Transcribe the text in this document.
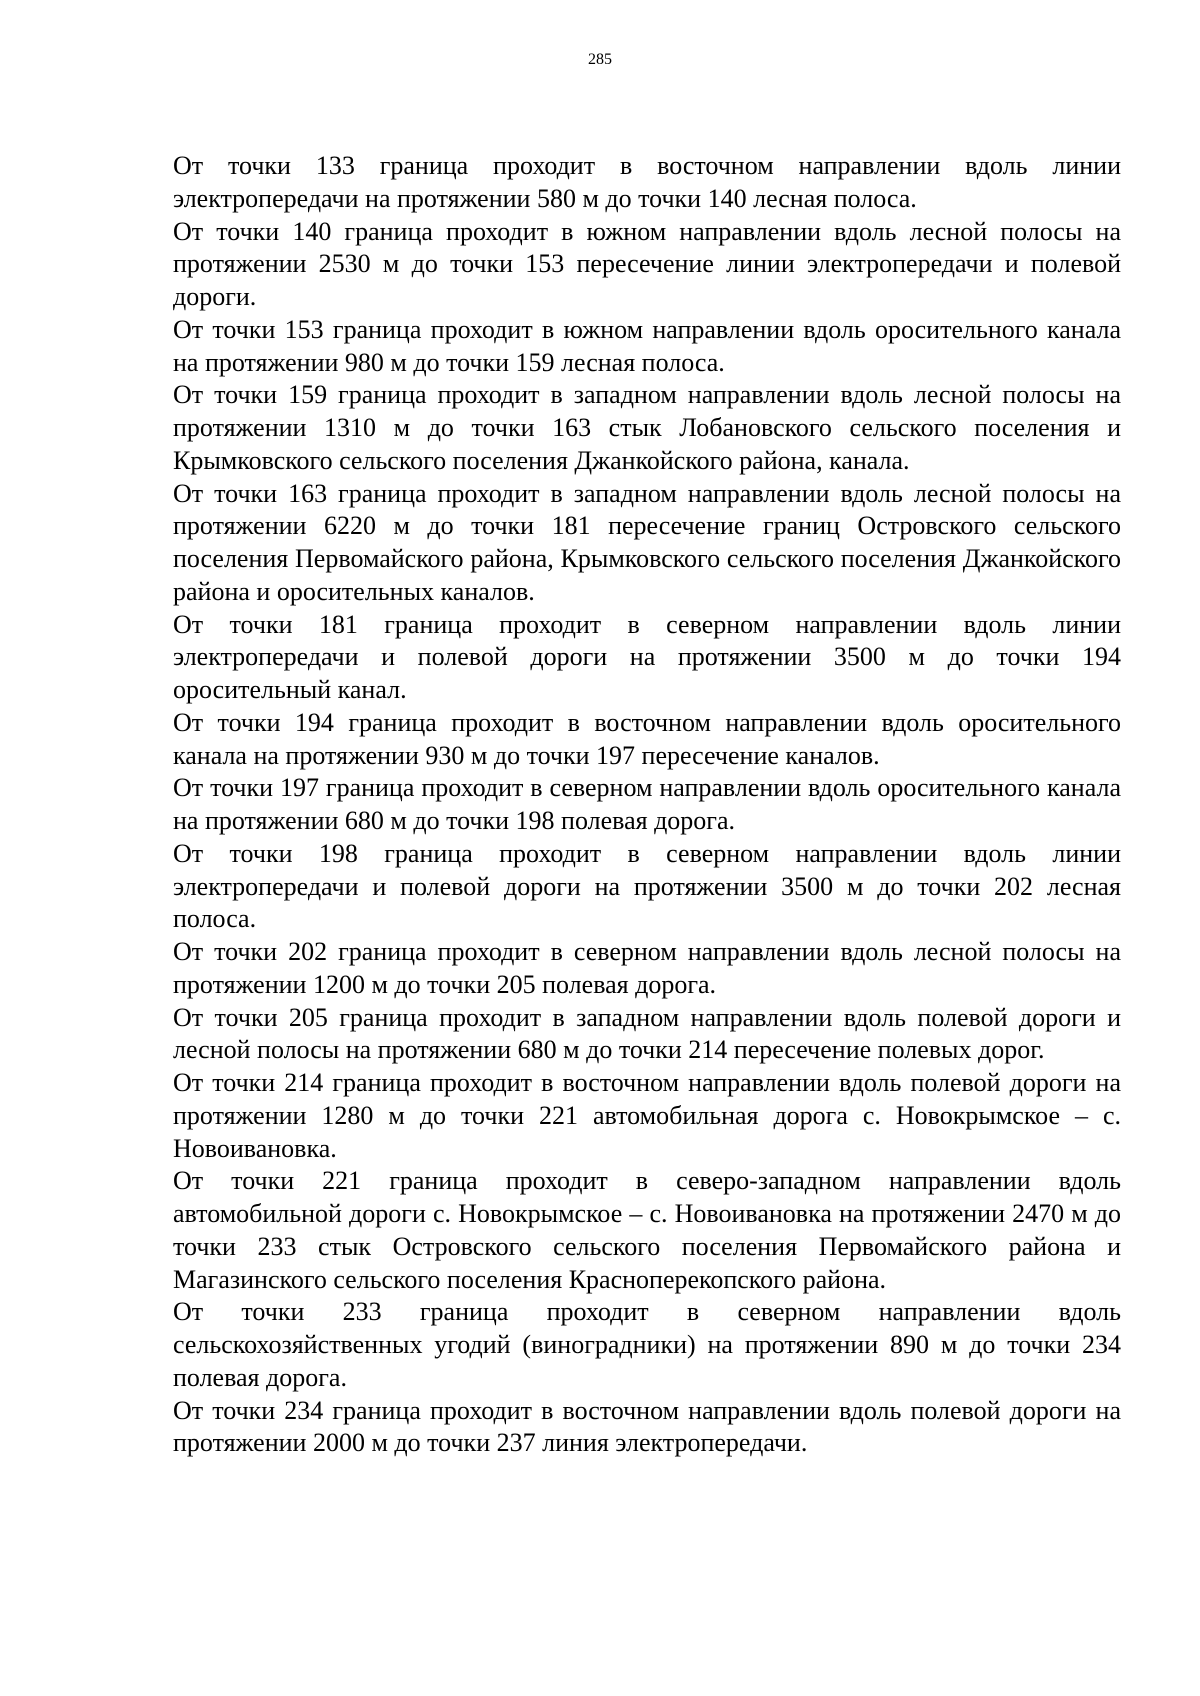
285

От точки 133 граница проходит в восточном направлении вдоль линии электропередачи на протяжении 580 м до точки 140 лесная полоса.

От точки 140 граница проходит в южном направлении вдоль лесной полосы на протяжении 2530 м до точки 153 пересечение линии электропередачи и полевой дороги.

От точки 153 граница проходит в южном направлении вдоль оросительного канала на протяжении 980 м до точки 159 лесная полоса.

От точки 159 граница проходит в западном направлении вдоль лесной полосы на протяжении 1310 м до точки 163 стык Лобановского сельского поселения и Крымковского сельского поселения Джанкойского района, канала.

От точки 163 граница проходит в западном направлении вдоль лесной полосы на протяжении 6220 м до точки 181 пересечение границ Островского сельского поселения Первомайского района, Крымковского сельского поселения Джанкойского района и оросительных каналов.

От точки 181 граница проходит в северном направлении вдоль линии электропередачи и полевой дороги на протяжении 3500 м до точки 194 оросительный канал.

От точки 194 граница проходит в восточном направлении вдоль оросительного канала на протяжении 930 м до точки 197 пересечение каналов.

От точки 197 граница проходит в северном направлении вдоль оросительного канала на протяжении 680 м до точки 198 полевая дорога.

От точки 198 граница проходит в северном направлении вдоль линии электропередачи и полевой дороги на протяжении 3500 м до точки 202 лесная полоса.

От точки 202 граница проходит в северном направлении вдоль лесной полосы на протяжении 1200 м до точки 205 полевая дорога.

От точки 205 граница проходит в западном направлении вдоль полевой дороги и лесной полосы на протяжении 680 м до точки 214 пересечение полевых дорог.

От точки 214 граница проходит в восточном направлении вдоль полевой дороги на протяжении 1280 м до точки 221 автомобильная дорога с. Новокрымское – с. Новоивановка.

От точки 221 граница проходит в северо-западном направлении вдоль автомобильной дороги с. Новокрымское – с. Новоивановка на протяжении 2470 м до точки 233 стык Островского сельского поселения Первомайского района и Магазинского сельского поселения Красноперекопского района.

От точки 233 граница проходит в северном направлении вдоль сельскохозяйственных угодий (виноградники) на протяжении 890 м до точки 234 полевая дорога.

От точки 234 граница проходит в восточном направлении вдоль полевой дороги на протяжении 2000 м до точки 237 линия электропередачи.
